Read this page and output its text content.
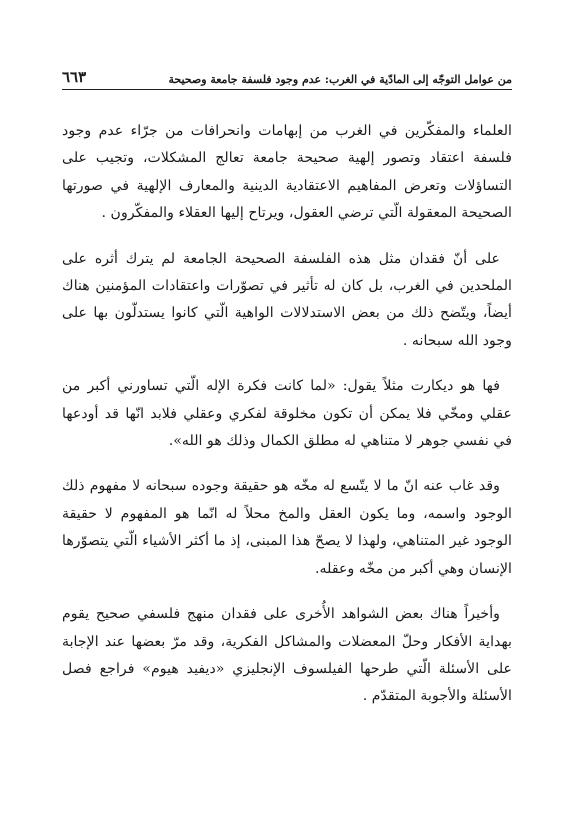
من عوامل التوجّه إلى المادّية في الغرب: عدم وجود فلسفة جامعة وصحيحة
٦٦٣

العلماء والمفكّرين في الغرب من إبهامات وانحرافات من جرّاء عدم وجود فلسفة اعتقاد وتصور إلهية صحيحة جامعة تعالج المشكلات، وتجيب على التساؤلات وتعرض المفاهيم الاعتقادية الدينية والمعارف الإلهية في صورتها الصحيحة المعقولة الّتي ترضي العقول، ويرتاح إليها العقلاء والمفكّرون .

على أنّ فقدان مثل هذه الفلسفة الصحيحة الجامعة لم يترك أثره على الملحدين في الغرب، بل كان له تأثير في تصوّرات واعتقادات المؤمنين هناك أيضاً، ويتّضح ذلك من بعض الاستدلالات الواهية الّتي كانوا يستدلّون بها على وجود الله سبحانه .

فها هو ديكارت مثلاً يقول: «لما كانت فكرة الإله الّتي تساورني أكبر من عقلي ومخّي فلا يمكن أن تكون مخلوقة لفكري وعقلي فلابد انّها قد أودعها في نفسي جوهر لا متناهي له مطلق الكمال وذلك هو الله».

وقد غاب عنه انّ ما لا يتّسع له مخّه هو حقيقة وجوده سبحانه لا مفهوم ذلك الوجود واسمه، وما يكون العقل والمخ محلاً له انّما هو المفهوم لا حقيقة الوجود غير المتناهي، ولهذا لا يصحّ هذا المبنى، إذ ما أكثر الأشياء الّتي يتصوّرها الإنسان وهي أكبر من مخّه وعقله.

وأخيراً هناك بعض الشواهد الأُخرى على فقدان منهج فلسفي صحيح يقوم بهداية الأفكار وحلّ المعضلات والمشاكل الفكرية، وقد مرّ بعضها عند الإجابة على الأسئلة الّتي طرحها الفيلسوف الإنجليزي «ديفيد هيوم» فراجع فصل الأسئلة والأجوبة المتقدّم .
